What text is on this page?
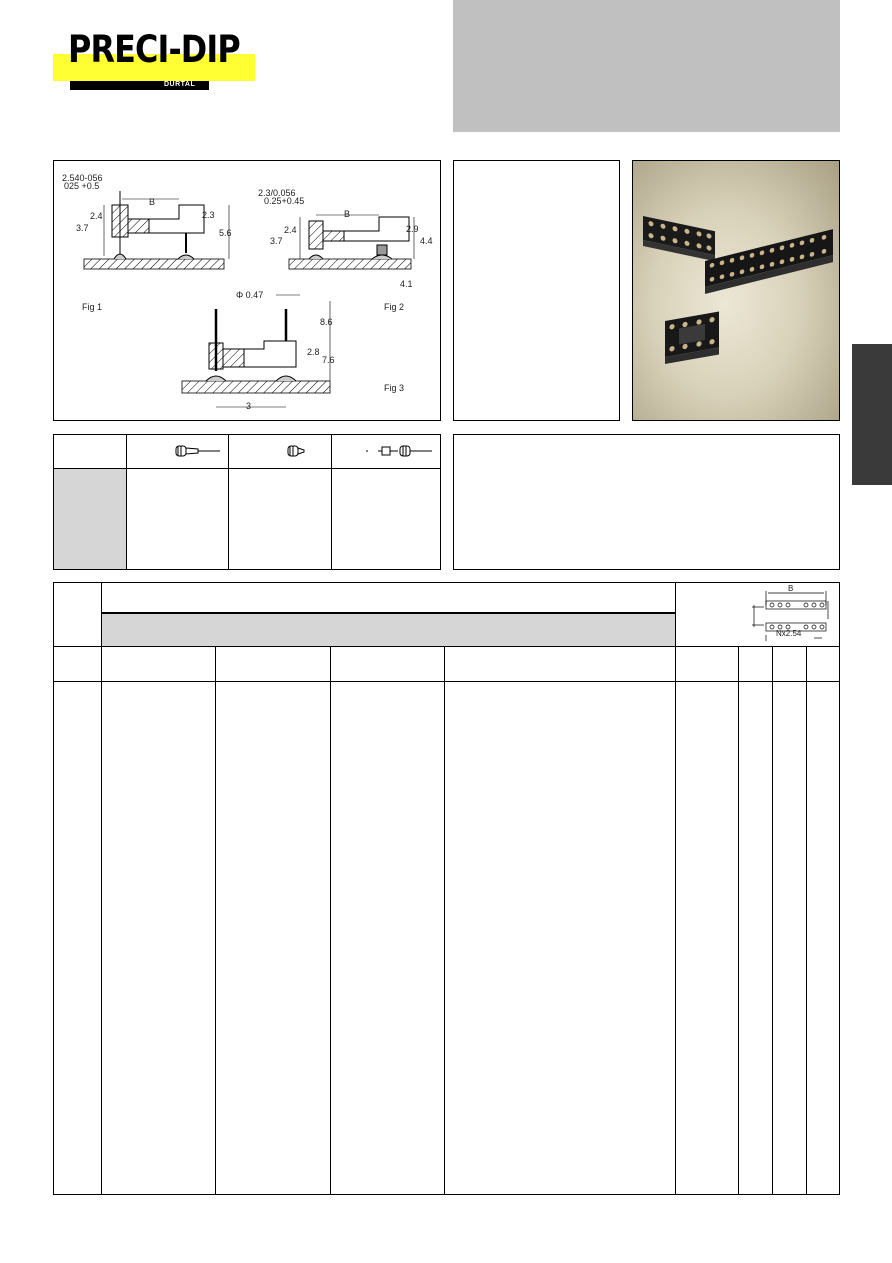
PRECI-DIP
DURTAL
2.540-056
025 +0.5
B
2.4
3.7
2.3
5.6
Fig 1
2.3/0.056
0.25+0.45
B
2.4
3.7
2.9
4.4
4.1
Fig 2
Φ 0.47
8.6
2.8
7.6
3
Fig 3
B
Nx2.54
